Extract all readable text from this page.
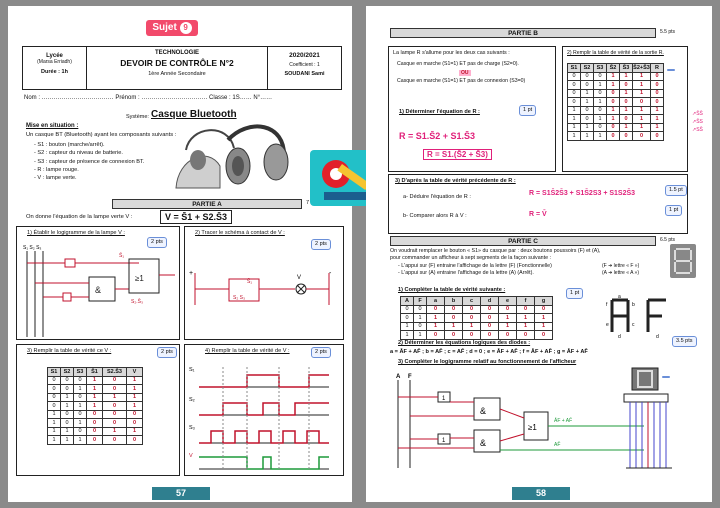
Sujet 9
Lycée
(Marsa Erriadh)
Durée : 1h
TECHNOLOGIE
DEVOIR DE CONTRÔLE N°2
1ère Année Secondaire
2020/2021
Coefficient : 1
SOUDANI Sami
Nom : ……………………………… Prénom : …………………………… Classe : 1S…… N°……
Système: Casque Bluetooth
Mise en situation :
Un casque BT (Bluetooth) ayant les composants suivants :
- S1 : bouton (marche/arrêt).
- S2 : capteur du niveau de batterie.
- S3 : capteur de présence de connexion BT.
- R : lampe rouge.
- V : lampe verte.
PARTIE A	7
On donne l'équation de la lampe verte V :	V = S̄1 + S2.S̄3
1) Établir le logigramme de la lampe V :
2 pts
S₁ S₂ S₃
&
≥1
S̄₁
S₂.S̄₃
2) Tracer le schéma à contact de V :
2 pts
+	-
S̄₁
S₂ S₃
V
3) Remplir la table de vérité ce V :	2 pts
S1	S2	S3	S̄1	S2.S̄3	V
0	0	0	1	0	1
0	0	1	1	0	1
0	1	0	1	1	1
0	1	1	1	0	1
1	0	0	0	0	0
1	0	1	0	0	0
1	1	0	0	1	1
1	1	1	0	0	0
4) Remplir la table de vérité de V :	2 pts
S₁
S₂
S₃
V
57
PARTIE B	5.5 pts
La lampe R s'allume pour les deux cas suivants :
Casque en marche (S1=1) ET pas de charge (S2=0).
OU
Casque en marche (S1=1) ET pas de connexion (S3=0)
1) Déterminer l'équation de R :	1 pt
R = S1.S̄2 + S1.S̄3
R = S1.(S̄2 + S̄3)
2) Remplir la table de vérité de la sortie R.
S1	S2	S3	S̄2	S̄3	S̄2+S̄3	R
0	0	0	1	1	1	0
0	0	1	1	0	1	0
0	1	0	0	1	1	0
0	1	1	0	0	0	0
1	0	0	1	1	1	1
1	0	1	1	0	1	1
1	1	0	0	1	1	1
1	1	1	0	0	0	0
↗S̄S̄
↗S̄S
↗SS̄
3) D'après la table de vérité précédente de R :
a- Déduire l'équation de R :	R = S1S̄2S̄3 + S1S̄2S3 + S1S2S̄3	1.5 pt
b- Comparer alors R à V :	R = V̄
1 pt
PARTIE C	6.5 pts
On voudrait remplacer le bouton « S1» du casque par : deux boutons poussoirs (F) et (A),
pour commander un afficheur à sept segments de la façon suivante :
- L'appui sur (F) entraine l'affichage de la lettre (F) (Fonctionnelle)
- L'appui sur (A) entraine l'affichage de la lettre (A) (Arrêt).
(F ➜ lettre « F »)
(A ➜ lettre « A »)
1) Compléter la table de vérité suivante :	1 pt
A	F	a	b	c	d	e	f	g
0	0	0	0	0	0	0	0	0
0	1	1	0	0	0	1	1	1
1	0	1	1	1	0	1	1	1
1	1	0	0	0	0	0	0	0
f
e
a
d
b
c
d
2) Déterminer les équations logiques des diodes :	3.5 pts
a = ĀF + AF̄ ; b = AF̄ ; c = AF̄ ; d = 0 ; e = ĀF + AF̄ ; f = ĀF + AF̄ ; g = ĀF + AF̄
3) Compléter le logigramme relatif au fonctionnement de l'afficheur
A F
1
&
1	&
≥1
ĀF + AF̄
AF̄
58
